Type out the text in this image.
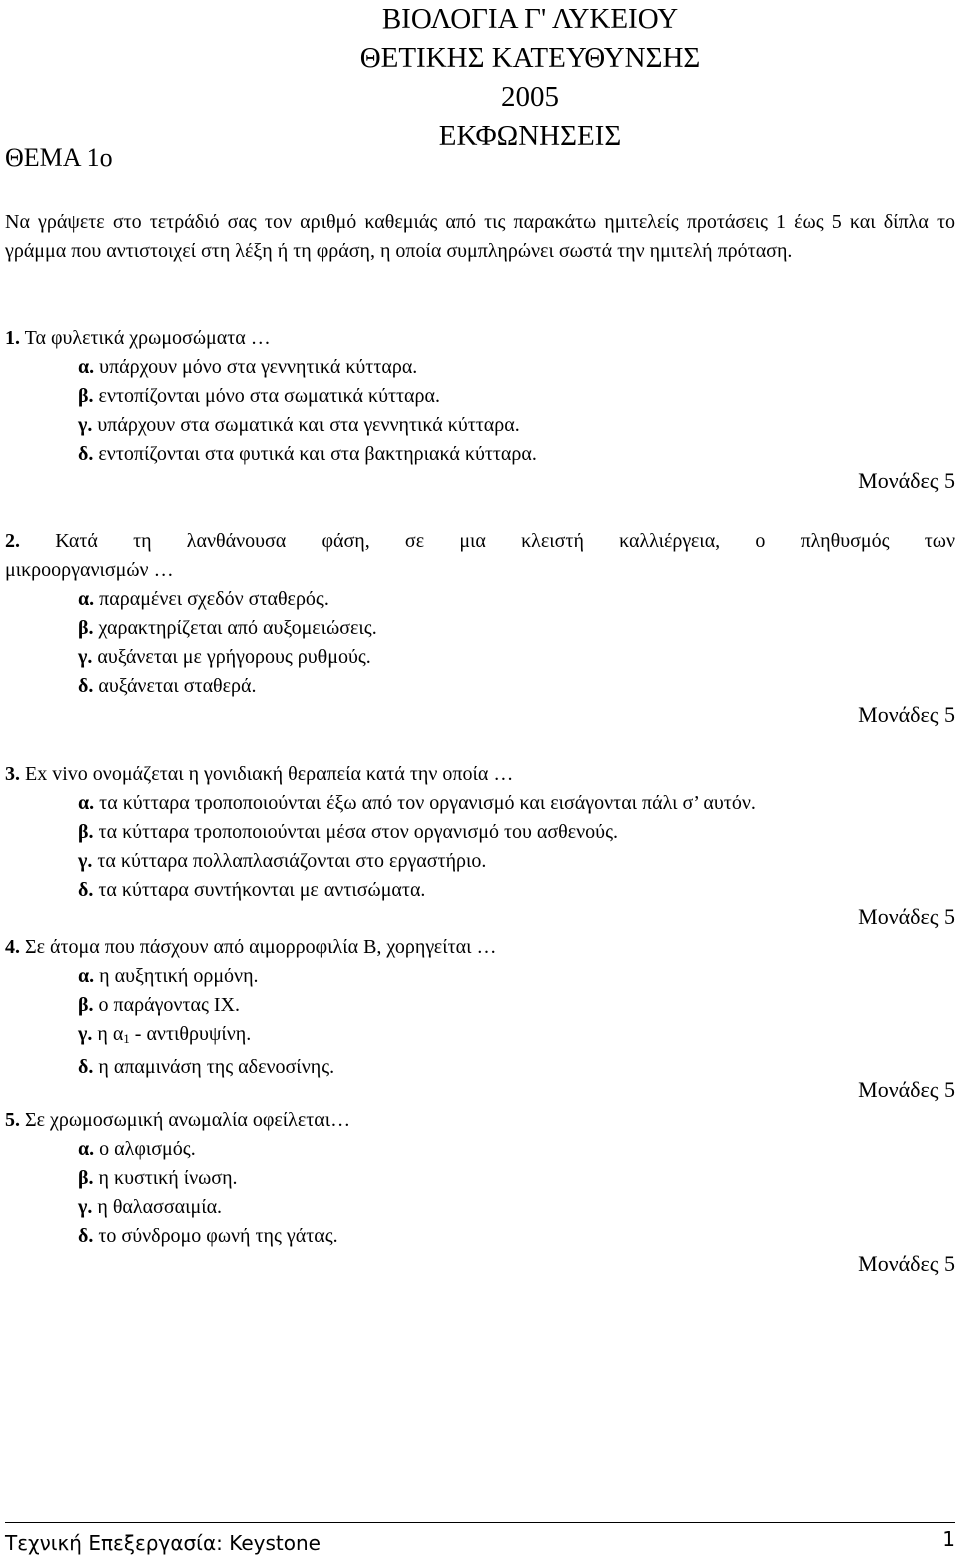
ΒΙΟΛΟΓΙΑ Γ' ΛΥΚΕΙΟΥ
ΘΕΤΙΚΗΣ ΚΑΤΕΥΘΥΝΣΗΣ
2005
ΕΚΦΩΝΗΣΕΙΣ
ΘΕΜΑ 1ο
Να γράψετε στο τετράδιό σας τον αριθμό καθεμιάς από τις παρακάτω ημιτελείς προτάσεις 1 έως 5 και δίπλα το γράμμα που αντιστοιχεί στη λέξη ή τη φράση, η οποία συμπληρώνει σωστά την ημιτελή πρόταση.
1. Τα φυλετικά χρωμοσώματα …
α. υπάρχουν μόνο στα γεννητικά κύτταρα.
β. εντοπίζονται μόνο στα σωματικά κύτταρα.
γ. υπάρχουν στα σωματικά και στα γεννητικά κύτταρα.
δ. εντοπίζονται στα φυτικά και στα βακτηριακά κύτταρα.
Μονάδες 5
2. Κατά τη λανθάνουσα φάση, σε μια κλειστή καλλιέργεια, ο πληθυσμός των
μικροοργανισμών …
α. παραμένει σχεδόν σταθερός.
β. χαρακτηρίζεται από αυξομειώσεις.
γ. αυξάνεται με γρήγορους ρυθμούς.
δ. αυξάνεται σταθερά.
Μονάδες 5
3. Ex vivo ονομάζεται η γονιδιακή θεραπεία κατά την οποία …
α. τα κύτταρα τροποποιούνται έξω από τον οργανισμό και εισάγονται πάλι σ’ αυτόν.
β. τα κύτταρα τροποποιούνται μέσα στον οργανισμό του ασθενούς.
γ. τα κύτταρα πολλαπλασιάζονται στο εργαστήριο.
δ. τα κύτταρα συντήκονται με αντισώματα.
Μονάδες 5
4. Σε άτομα που πάσχουν από αιμορροφιλία Β, χορηγείται …
α. η αυξητική ορμόνη.
β. ο παράγοντας ΙΧ.
γ. η $\alpha_1$ - αντιθρυψίνη.
δ. η απαμινάση της αδενοσίνης.
Μονάδες 5
5. Σε χρωμοσωμική ανωμαλία οφείλεται…
α. ο αλφισμός.
β. η κυστική ίνωση.
γ. η θαλασσαιμία.
δ. το σύνδρομο φωνή της γάτας.
Μονάδες 5
Τεχνική Επεξεργασία: Keystone	1
